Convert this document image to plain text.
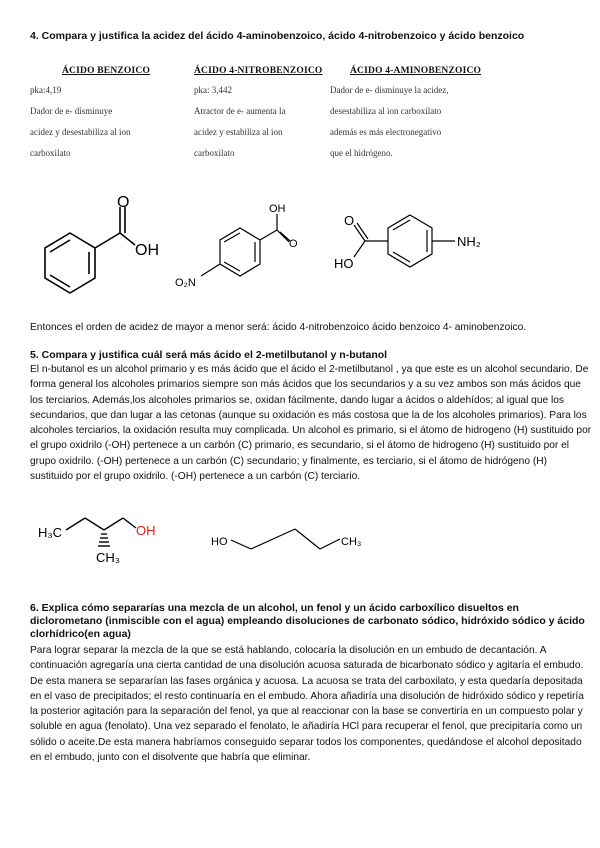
4. Compara y justifica la acidez del ácido 4-aminobenzoico, ácido 4-nitrobenzoico y ácido benzoico
ÁCIDO BENZOICO
pka:4,19
Dador de e- disminuye
acidez y desestabiliza al ion
carboxilato
ÁCIDO 4-NITROBENZOICO
pka: 3,442
Atractor de e- aumenta la
acidez y estabiliza al ion
carboxilato
ÁCIDO 4-AMINOBENZOICO
Dador de e- disminuye la acidez,
desestabiliza al ion carboxilato
además es más electronegativo
que el hidrógeno.
O
OH
OH
O
O₂N
O
HO
NH₂
Entonces el orden de acidez de mayor a menor será: ácido 4-nitrobenzoico ácido benzoico 4- aminobenzoico.
5. Compara y justifica cuál será más ácido el 2-metilbutanol y n-butanol
El n-butanol es un alcohol primario y es más ácido que el ácido el 2-metilbutanol , ya que este es un alcohol secundario. De forma general los alcoholes primarios siempre son más ácidos que los secundarios y a su vez ambos son más ácidos que los terciarios. Además,los alcoholes primarios se, oxidan fácilmente, dando lugar a ácidos o aldehídos; al igual que los secundarios, que dan lugar a las cetonas (aunque su oxidación es más costosa que la de los alcoholes primarios). Para los alcoholes terciarios, la oxidación resulta muy complicada. Un alcohol es primario, si el átomo de hidrogeno (H) sustituido por el grupo oxidrilo (-OH) pertenece a un carbón (C) primario, es secundario, si el átomo de hidrogeno (H) sustituido por el grupo oxidrilo. (-OH) pertenece a un carbón (C) secundario; y finalmente, es terciario, si el átomo de hidrógeno (H) sustituido por el grupo oxidrilo. (-OH) pertenece a un carbón (C) terciario.
H₃C
CH₃
OH
HO	CH₃
6. Explica cómo separarías una mezcla de un alcohol, un fenol y un ácido carboxílico disueltos en diclorometano (inmiscible con el agua) empleando disoluciones de carbonato sódico, hidróxido sódico y ácido clorhídrico(en agua)
Para lograr separar la mezcla de la que se está hablando, colocaría la disolución en un embudo de decantación. A continuación agregaría una cierta cantidad de una disolución acuosa saturada de bicarbonato sódico y agitaría el embudo. De esta manera se separarían las fases orgánica y acuosa. La acuosa se trata del carboxilato, y esta quedaría depositada en el vaso de precipitados; el resto continuaría en el embudo. Ahora añadiría una disolución de hidróxido sódico y repetiría la posterior agitación para la separación del fenol, ya que al reaccionar con la base se convertiría en un compuesto polar y soluble en agua (fenolato). Una vez separado el fenolato, le añadiría HCl para recuperar el fenol, que precipitaría como un sólido o aceite.De esta manera habríamos conseguido separar todos los componentes, quedándose el alcohol depositado en el embudo, junto con el disolvente que habría que eliminar.
